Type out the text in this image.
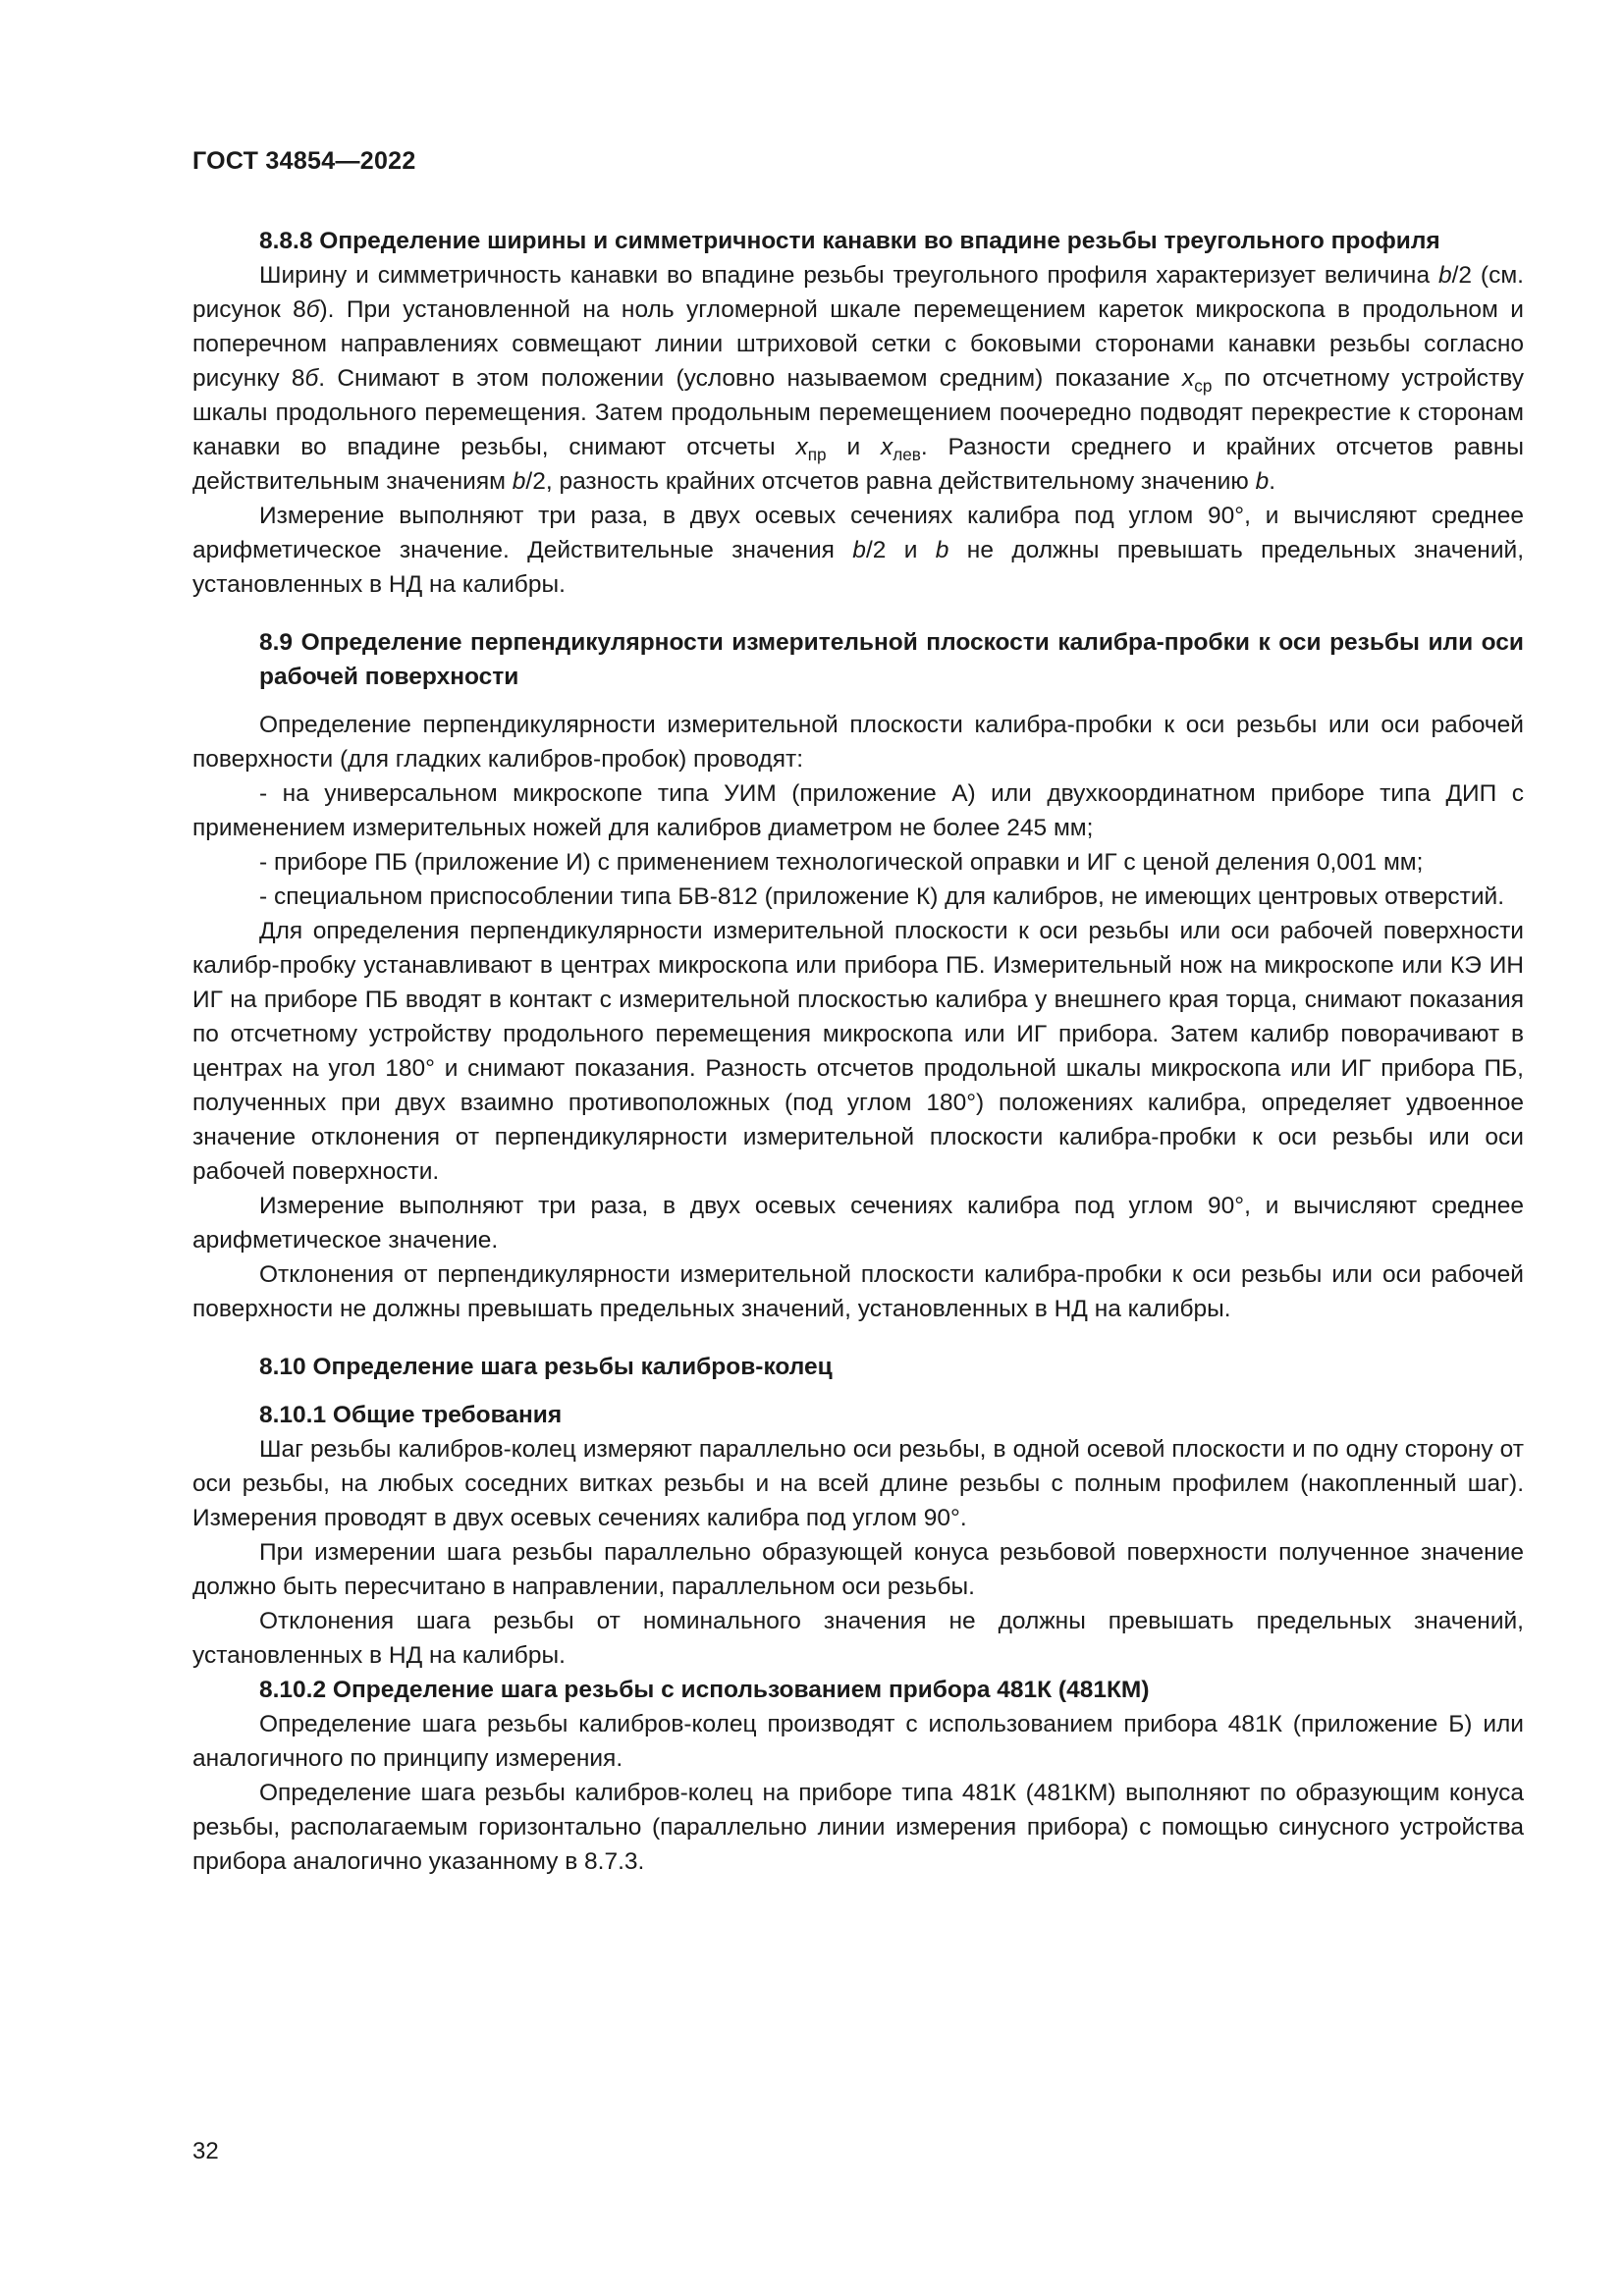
ГОСТ 34854—2022

8.8.8 Определение ширины и симметричности канавки во впадине резьбы треугольного профиля

Ширину и симметричность канавки во впадине резьбы треугольного профиля характеризует величина b/2 (см. рисунок 8б). При установленной на ноль угломерной шкале перемещением кареток микроскопа в продольном и поперечном направлениях совмещают линии штриховой сетки с боковыми сторонами канавки резьбы согласно рисунку 8б. Снимают в этом положении (условно называемом средним) показание $x_{ср}$ по отсчетному устройству шкалы продольного перемещения. Затем продольным перемещением поочередно подводят перекрестие к сторонам канавки во впадине резьбы, снимают отсчеты $x_{пр}$ и $x_{лев}$. Разности среднего и крайних отсчетов равны действительным значениям b/2, разность крайних отсчетов равна действительному значению b.

Измерение выполняют три раза, в двух осевых сечениях калибра под углом 90°, и вычисляют среднее арифметическое значение. Действительные значения b/2 и b не должны превышать предельных значений, установленных в НД на калибры.

8.9 Определение перпендикулярности измерительной плоскости калибра-пробки к оси резьбы или оси рабочей поверхности

Определение перпендикулярности измерительной плоскости калибра-пробки к оси резьбы или оси рабочей поверхности (для гладких калибров-пробок) проводят:

- на универсальном микроскопе типа УИМ (приложение А) или двухкоординатном приборе типа ДИП с применением измерительных ножей для калибров диаметром не более 245 мм;

- приборе ПБ (приложение И) с применением технологической оправки и ИГ с ценой деления 0,001 мм;

- специальном приспособлении типа БВ-812 (приложение К) для калибров, не имеющих центровых отверстий.

Для определения перпендикулярности измерительной плоскости к оси резьбы или оси рабочей поверхности калибр-пробку устанавливают в центрах микроскопа или прибора ПБ. Измерительный нож на микроскопе или КЭ ИН ИГ на приборе ПБ вводят в контакт с измерительной плоскостью калибра у внешнего края торца, снимают показания по отсчетному устройству продольного перемещения микроскопа или ИГ прибора. Затем калибр поворачивают в центрах на угол 180° и снимают показания. Разность отсчетов продольной шкалы микроскопа или ИГ прибора ПБ, полученных при двух взаимно противоположных (под углом 180°) положениях калибра, определяет удвоенное значение отклонения от перпендикулярности измерительной плоскости калибра-пробки к оси резьбы или оси рабочей поверхности.

Измерение выполняют три раза, в двух осевых сечениях калибра под углом 90°, и вычисляют среднее арифметическое значение.

Отклонения от перпендикулярности измерительной плоскости калибра-пробки к оси резьбы или оси рабочей поверхности не должны превышать предельных значений, установленных в НД на калибры.

8.10 Определение шага резьбы калибров-колец

8.10.1 Общие требования

Шаг резьбы калибров-колец измеряют параллельно оси резьбы, в одной осевой плоскости и по одну сторону от оси резьбы, на любых соседних витках резьбы и на всей длине резьбы с полным профилем (накопленный шаг). Измерения проводят в двух осевых сечениях калибра под углом 90°.

При измерении шага резьбы параллельно образующей конуса резьбовой поверхности полученное значение должно быть пересчитано в направлении, параллельном оси резьбы.

Отклонения шага резьбы от номинального значения не должны превышать предельных значений, установленных в НД на калибры.

8.10.2 Определение шага резьбы с использованием прибора 481К (481КМ)

Определение шага резьбы калибров-колец производят с использованием прибора 481К (приложение Б) или аналогичного по принципу измерения.

Определение шага резьбы калибров-колец на приборе типа 481К (481КМ) выполняют по образующим конуса резьбы, располагаемым горизонтально (параллельно линии измерения прибора) с помощью синусного устройства прибора аналогично указанному в 8.7.3.

32
